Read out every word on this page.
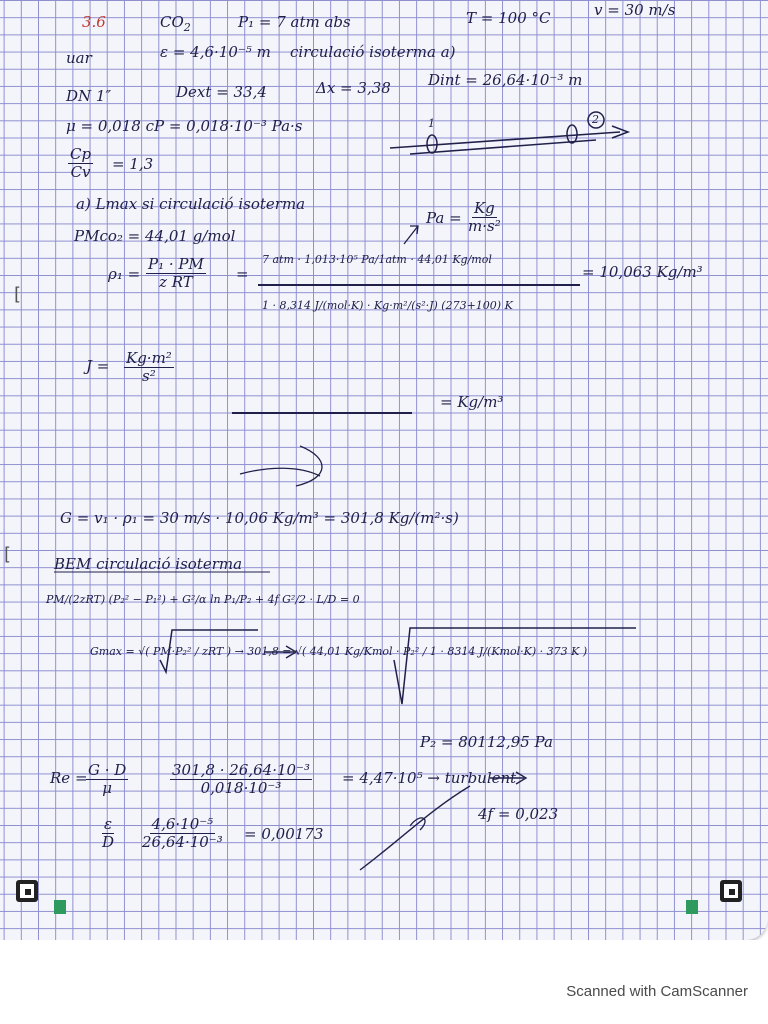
3.6	$CO_2$	P₁ = 7 atm abs	T = 100 °C	v = 30 m/s
uar	ε = 4,6·10⁻⁵ m circulació isoterma a)
DN 1″	Dext = 33,4	Δx = 3,38 Dint = 26,64·10⁻³ m
μ = 0,018 cP = 0,018·10⁻³ Pa·s	1	2
$\frac{Cp}{Cv} = 1,3$
a) Lmax si circulació isoterma
$Pa = \frac{Kg}{\text{m·s²}}$
PMco₂ = 44,01 g/mol
$\rho_1 = \frac{\text{P₁ · PM}}{\text{z RT}}$ =
7 atm · 1,013·10⁵ Pa/1atm · 44,01 Kg/mol
1 · 8,314 J/(mol·K) · Kg·m²/(s²·J) (273+100) K
= 10,063 Kg/m³
$J = \frac{\text{Kg·m²}}{\text{s²}}$
= Kg/m³
G = v₁ · ρ₁ = 30 m/s · 10,06 Kg/m³ = 301,8 Kg/(m²·s)
BEM circulació isoterma
PM/(2zRT) (P₂² − P₁²) + G²/α ln P₁/P₂ + 4f G²/2 · L/D = 0
Gmax = √( PM·P₂² / zRT ) → 301,8 = √( 44,01 Kg/Kmol · P₂² / 1 · 8314 J/(Kmol·K) · 373 K )
P₂ = 80112,95 Pa
Re =
$\frac{G \cdot D}{\mu}$	$\frac{\text{301,8 · 26,64·10⁻³}}{\text{0,018·10⁻³}} = 4,47\cdot 10^5$ → turbulent
4f = 0,023
$\frac{\varepsilon}{D} \frac{\text{4,6·10⁻⁵}}{\text{26,64·10⁻³}} = 0,00173$
[
[
Scanned with CamScanner
